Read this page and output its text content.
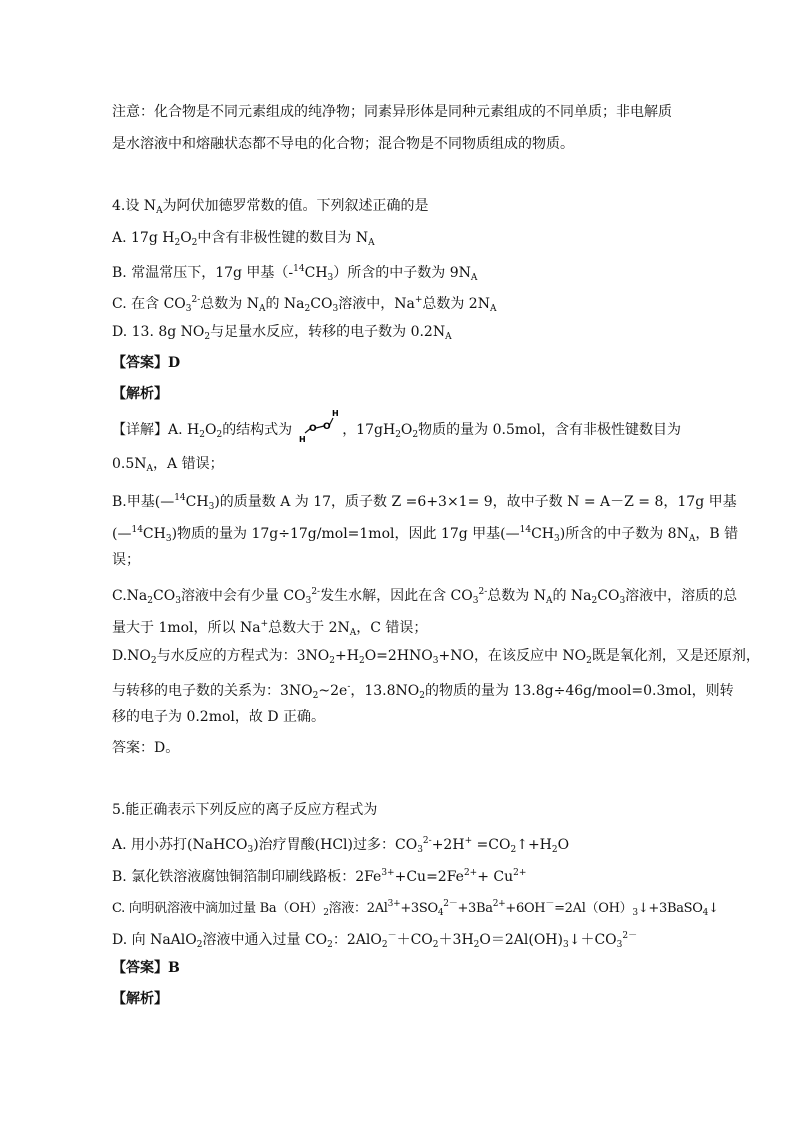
注意：化合物是不同元素组成的纯净物；同素异形体是同种元素组成的不同单质；非电解质
是水溶液中和熔融状态都不导电的化合物；混合物是不同物质组成的物质。
4.设 $N_A$为阿伏加德罗常数的值。下列叙述正确的是
A. 17g $H_2O_2$中含有非极性键的数目为 $N_A$
B. 常温常压下，17g 甲基$(-^{14}CH_3)$所含的中子数为 $9N_A$
C. 在含 $CO_3^{2-}$总数为 $N_A$的 $Na_2CO_3$溶液中，Na+总数为 $2N_A$
D. 13. 8g $NO_2$与足量水反应，转移的电子数为 $0.2N_A$
【答案】D
【解析】
【详解】A. $H_2O_2$的结构式为	，$17gH_2O_2$物质的量为 0.5mol，含有非极性键数目为
H
O O
H
$0.5N_A$，A 错误；
B.甲基$(—^{14}CH_3)$的质量数 A 为 17，质子数 Z =6+3×1= 9，故中子数 N = A－Z = 8，17g 甲基
$(—^{14}CH_3)$物质的量为 17g÷17g/mol=1mol，因此 17g 甲基$(—^{14}CH_3)$所含的中子数为 $8N_A$，B 错
误；
$C.Na_2CO_3$溶液中会有少量 $CO_3^{2-}$发生水解，因此在含 $CO_3^{2-}$总数为 $N_A$的 $Na_2CO_3$溶液中，溶质的总
量大于 1mol，所以 Na+总数大于 $2N_A$，C 错误；
$D.NO_2$与水反应的方程式为：$3NO_2+H_2O=2HNO_3+NO$，在该反应中 $NO_2$既是氧化剂，又是还原剂，
与转移的电子数的关系为：$3NO_2\sim 2e^-$，$13.8NO_2$的物质的量为 13.8g÷46g/mool=0.3mol，则转
移的电子为 0.2mol，故 D 正确。
答案：D。
5.能正确表示下列反应的离子反应方程式为
A. 用小苏打(NaHCO$_3$)治疗胃酸(HCl)过多：$CO_3^{2-}+2H^+$ $=CO_2↑+H_2O$
B. 氯化铁溶液腐蚀铜箔制印刷线路板：$2Fe^{3+}+Cu=2Fe^{2+}+ Cu^{2+}$
C. 向明矾溶液中滴加过量 $Ba(OH)_2$溶液：$2Al^{3+}+3SO_4^{2-}+3Ba^{2+}+6OH^-=2Al(OH)_3↓+3BaSO_4↓$
D. 向 NaAlO$_2$溶液中通入过量 $CO_2$：$2AlO_2^-+CO_2+3H_2O=2Al(OH)_3↓+CO_3^{2-}$
【答案】B
【解析】
